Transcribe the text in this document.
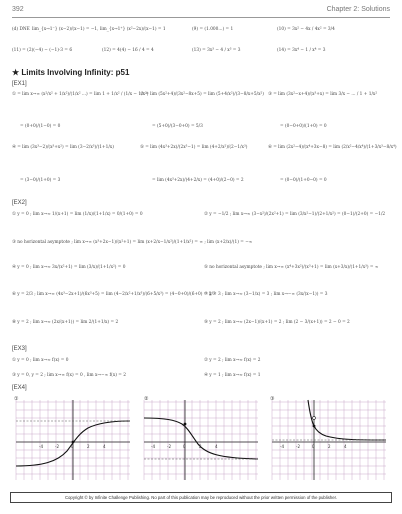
392	Chapter 2: Solutions
(d) DNE lim_{x→1⁻} (x−2)/(x−1) = −1, lim_{x→1⁺} (x²−2x)/(x−1) = 1	(9) = (1.000...) = 1	(10) = 3x² − 4x / 4x² = 3/4
(11) = (2)(−4) − (−1)·3 = 6	(12) = 4(4) − 16 / 4 = 4	(13) = 3x³ − 4 / x³ = 3	(14) = 3x⁴ − 1 / x⁴ = 3
★ Limits Involving Infinity: p51
[EX1]
① = lim x→∞ (x²/x² + 1/x²)/(1/x² ...) = lim 1 + 1/x² / (1/x − 1/x²)
② = lim (5x²+4)/(3x²−8x+5) = lim (5+4/x²)/(3−8/x+5/x²) ③ = lim (3x²−x+4)/(x³+x) = lim 3/x − ... / 1 + 1/x²
= (0+0)/(1−0) = 0	= (5+0)/(3−0+0) = 5/3	= (0−0+0)/(1+0) = 0
④ = lim (3x³−2)/(x³+x²) = lim (3−2/x³)/(1+1/x)	⑤ = lim (4x³+2x)/(2x³−1) = lim (4+2/x²)/(2−1/x³)	⑥ = lim (2x²−4)/(x⁴+3x−8) = lim (2/x²−4/x⁴)/(1+3/x³−8/x⁴)
= (3−0)/(1+0) = 3	= lim (4x³+2x)/(4+2/x) = (4+0)/(2−0) = 2	= (0−0)/(1+0−0) = 0
[EX2]
① y = 0 ; lim x→∞ 1/(x+1) = lim (1/x)/(1+1/x) = 0/(1+0) = 0	② y = −1/2 ; lim x→∞ (3−x²)/(2x²+1) = lim (3/x²−1)/(2+1/x²) = (0−1)/(2+0) = −1/2
③ no horizontal asymptote ; lim x→∞ (x³+2x−1)/(x²+1) = lim (x+2/x−1/x²)/(1+1/x²) = ∞ ; lim (x+2/x)/(1) = −∞
④ y = 0 ; lim x→∞ 3x/(x²+1) = lim (3/x)/(1+1/x²) = 0	⑤ no horizontal asymptote ; lim x→∞ (x⁴+3x²)/(x³+1) = lim (x+3/x)/(1+1/x³) = ∞
⑥ y = 2/3 ; lim x→∞ (4x³−2x+1)/(6x³+5) = lim (4−2/x²+1/x³)/(6+5/x³) = (4−0+0)/(6+0) = 2/3
⑦ y = 3 ; lim x→∞ (3−1/x) = 3 ; lim x→−∞ (3x/(x−1)) = 3
⑧ y = 2 ; lim x→∞ (2x/(x+1)) = lim 2/(1+1/x) = 2	⑨ y = 2 ; lim x→∞ (2x−1)/(x+1) = 2 ; lim (2 − 3/(x+1)) = 2 − 0 = 2
[EX3]
① y = 0 ; lim x→∞ f(x) = 0	② y = 2 ; lim x→∞ f(x) = 2
③ y = 0, y = 2 ; lim x→∞ f(x) = 0 , lim x→−∞ f(x) = 2	④ y = 1 ; lim x→∞ f(x) = 1
[EX4]
①	②	③
-4	-2	0	2	4	-4	-2	0	2	4	-4	-2	0	2	4
Copyright © by Infinite Challenge Publishing. No part of this publication may be reproduced without the prior written permission of the publisher.
